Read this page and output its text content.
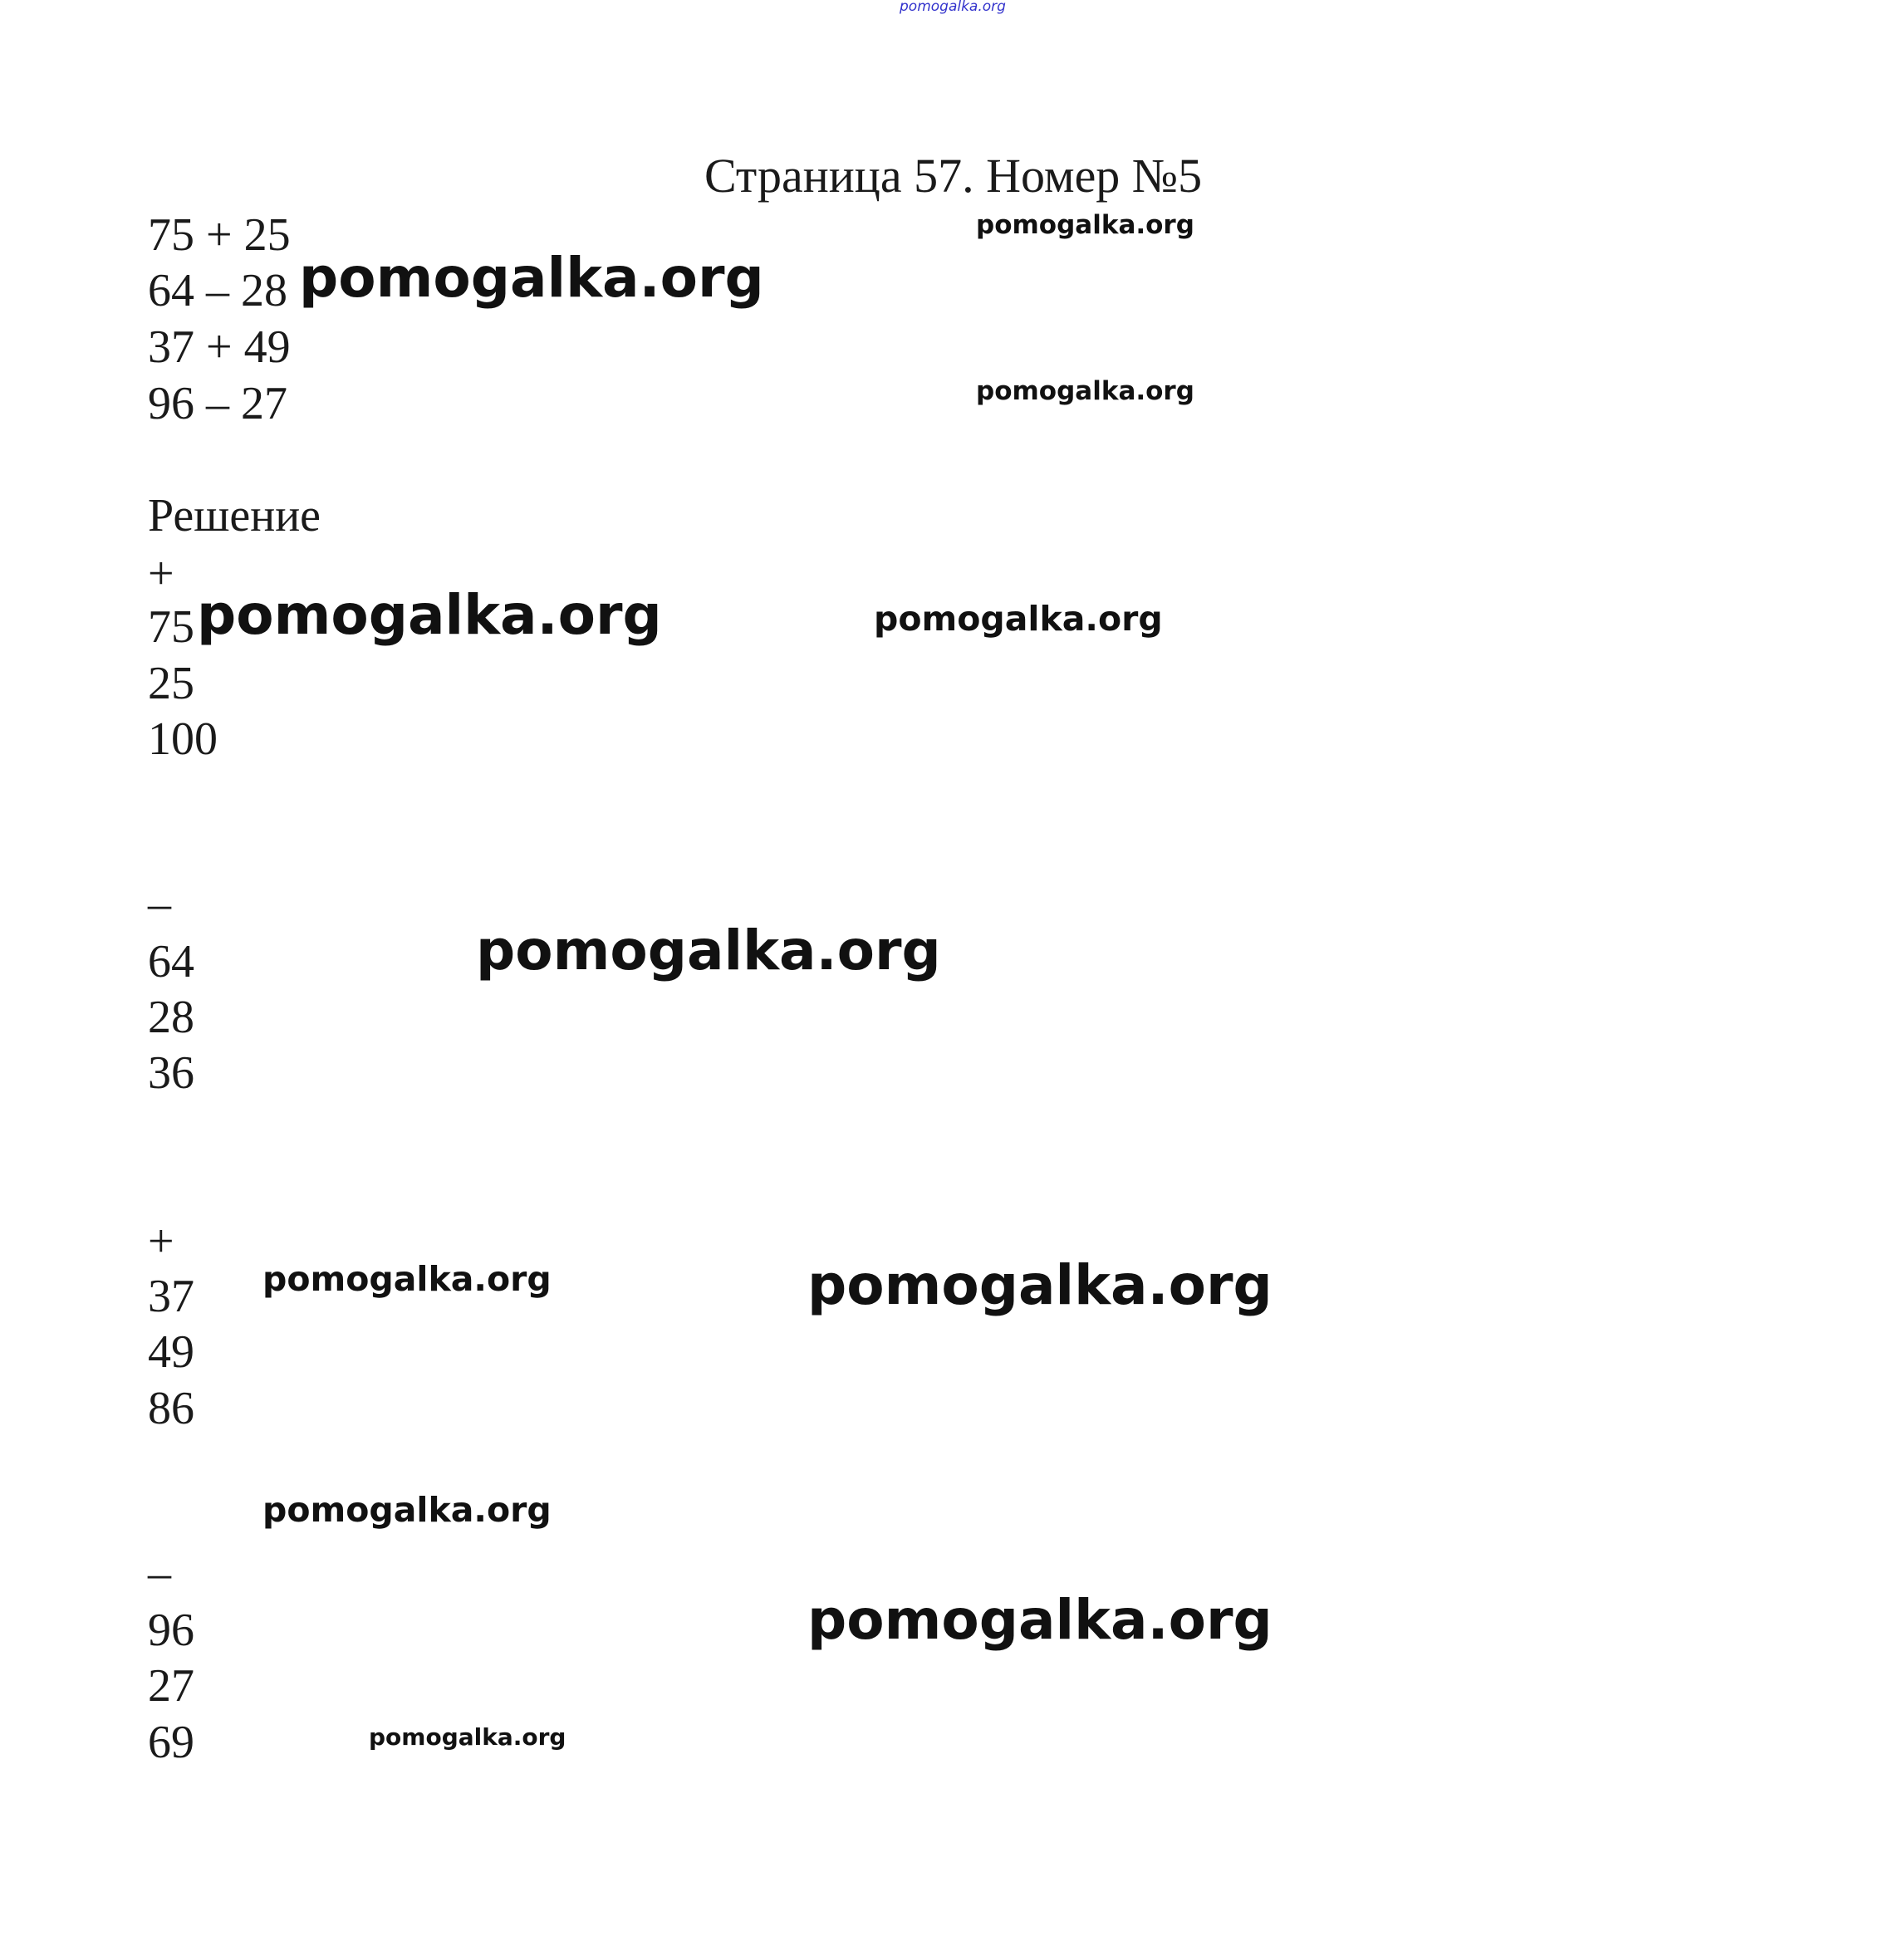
pomogalka.org
Страница 57. Номер №5
75 + 25
64 – 28
37 + 49
96 – 27
Решение
+
75
25
100
–
64
28
36
+
37
49
86
–
96
27
69
pomogalka.org
pomogalka.org
pomogalka.org
pomogalka.org	pomogalka.org
pomogalka.org
pomogalka.org	pomogalka.org
pomogalka.org
pomogalka.org
pomogalka.org
